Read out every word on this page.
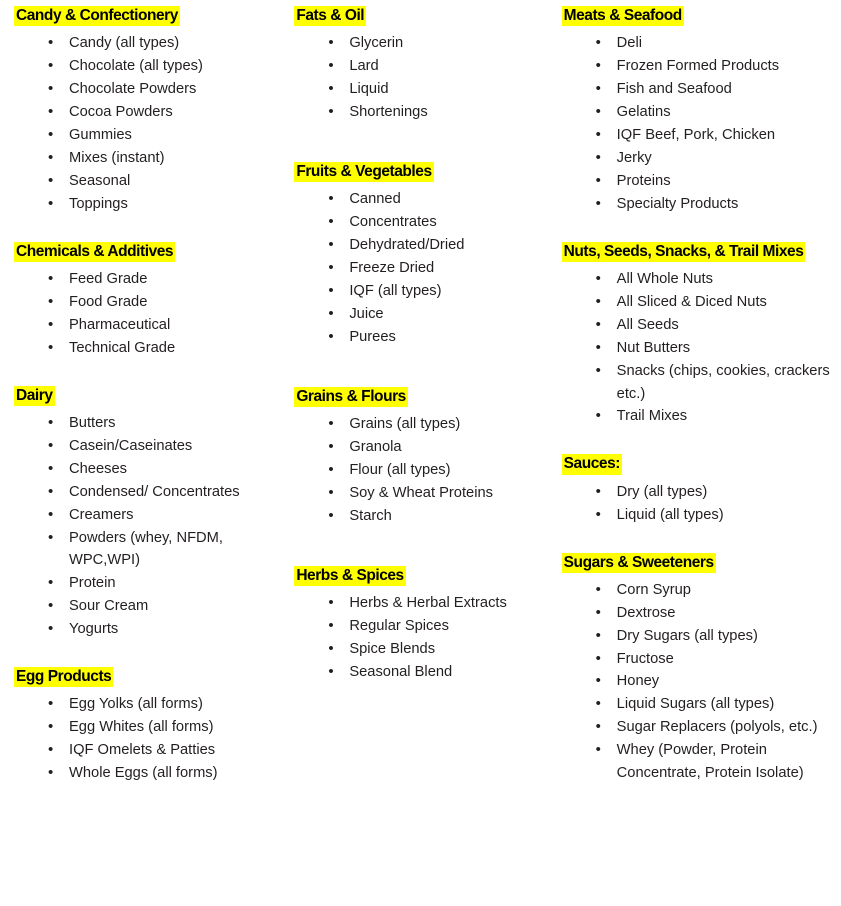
Candy & Confectionery
• Candy (all types)
• Chocolate (all types)
• Chocolate Powders
• Cocoa Powders
• Gummies
• Mixes (instant)
• Seasonal
• Toppings
Chemicals & Additives
• Feed Grade
• Food Grade
• Pharmaceutical
• Technical Grade
Dairy
• Butters
• Casein/Caseinates
• Cheeses
• Condensed/ Concentrates
• Creamers
• Powders (whey, NFDM, WPC,WPI)
• Protein
• Sour Cream
• Yogurts
Egg Products
• Egg Yolks (all forms)
• Egg Whites (all forms)
• IQF Omelets & Patties
• Whole Eggs (all forms)
Fats & Oil
• Glycerin
• Lard
• Liquid
• Shortenings
Fruits & Vegetables
• Canned
• Concentrates
• Dehydrated/Dried
• Freeze Dried
• IQF (all types)
• Juice
• Purees
Grains & Flours
• Grains (all types)
• Granola
• Flour (all types)
• Soy & Wheat Proteins
• Starch
Herbs & Spices
• Herbs & Herbal Extracts
• Regular Spices
• Spice Blends
• Seasonal Blend
Meats & Seafood
• Deli
• Frozen Formed Products
• Fish and Seafood
• Gelatins
• IQF Beef, Pork, Chicken
• Jerky
• Proteins
• Specialty Products
Nuts, Seeds, Snacks, & Trail Mixes
• All Whole Nuts
• All Sliced & Diced Nuts
• All Seeds
• Nut Butters
• Snacks (chips, cookies, crackers etc.)
• Trail Mixes
Sauces:
• Dry (all types)
• Liquid (all types)
Sugars & Sweeteners
• Corn Syrup
• Dextrose
• Dry Sugars (all types)
• Fructose
• Honey
• Liquid Sugars (all types)
• Sugar Replacers (polyols, etc.)
• Whey (Powder, Protein Concentrate, Protein Isolate)
